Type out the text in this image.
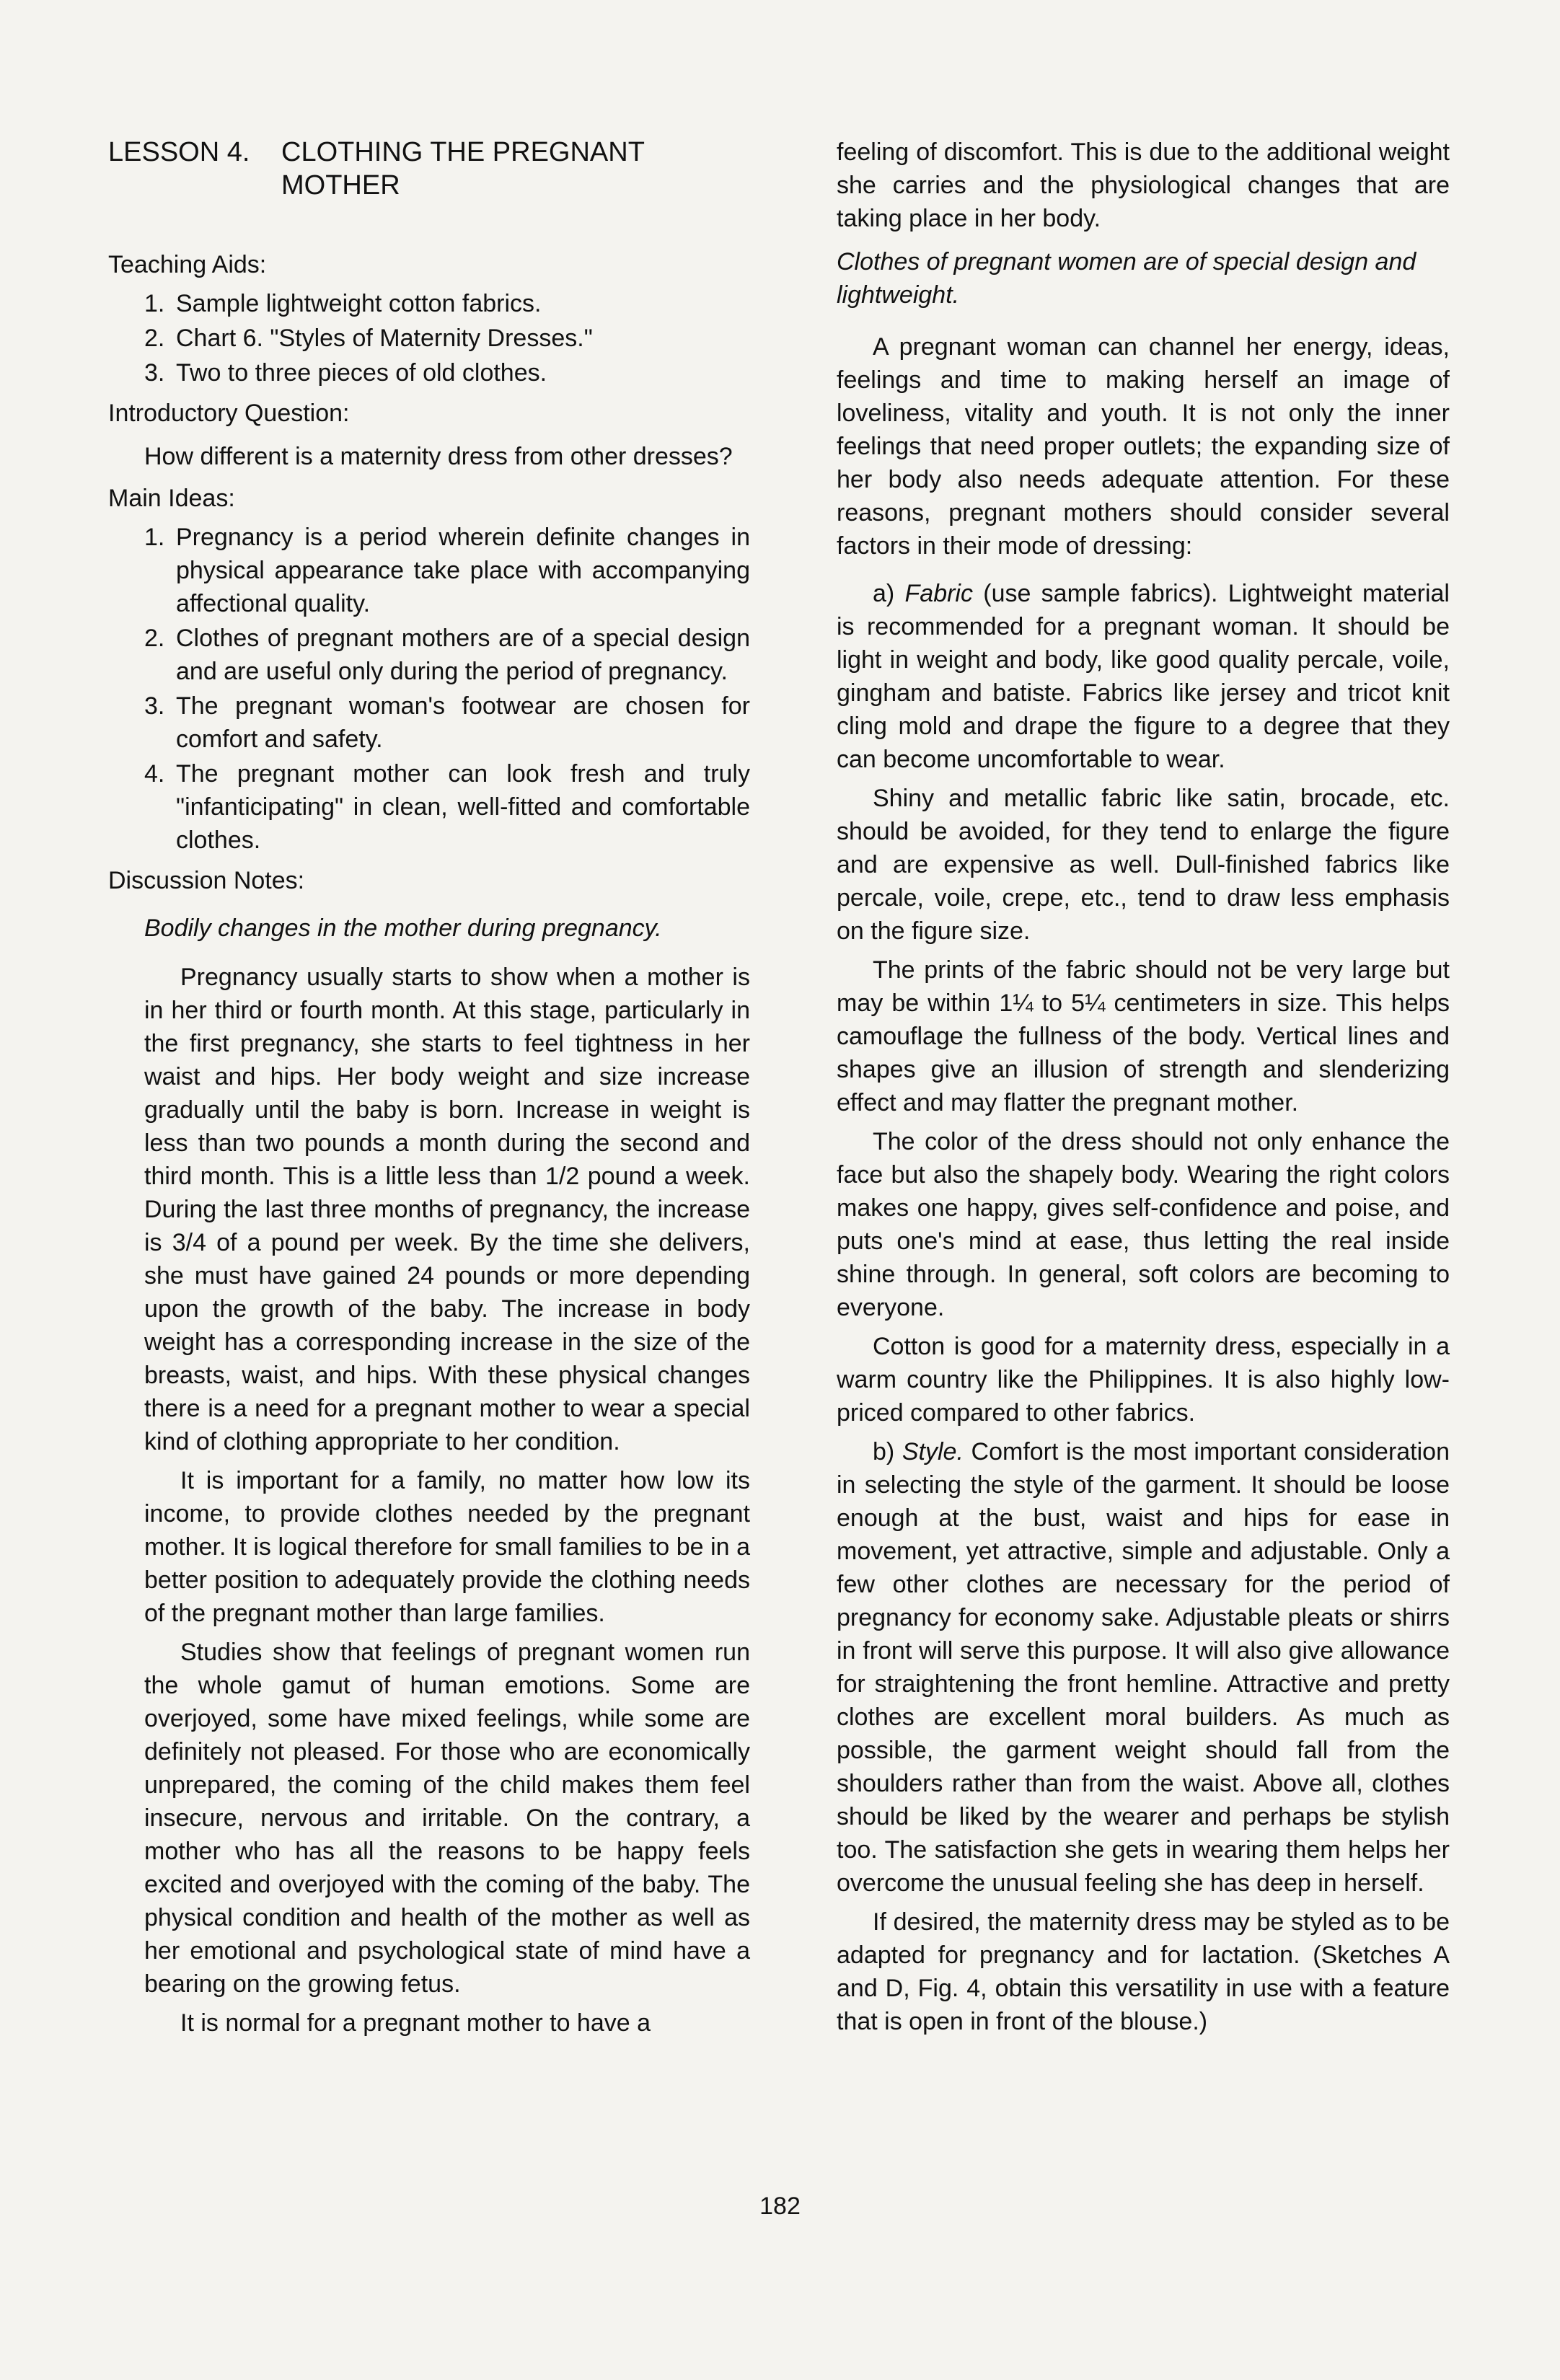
LESSON 4.	CLOTHING THE PREGNANT MOTHER
Teaching Aids:
1. Sample lightweight cotton fabrics.
2. Chart 6. "Styles of Maternity Dresses."
3. Two to three pieces of old clothes.
Introductory Question:

How different is a maternity dress from other dresses?

Main Ideas:
1. Pregnancy is a period wherein definite changes in physical appearance take place with accompanying affectional quality.
2. Clothes of pregnant mothers are of a special design and are useful only during the period of pregnancy.
3. The pregnant woman's footwear are chosen for comfort and safety.
4. The pregnant mother can look fresh and truly "infanticipating" in clean, well-fitted and comfortable clothes.
Discussion Notes:
Bodily changes in the mother during pregnancy.

Pregnancy usually starts to show when a mother is in her third or fourth month. At this stage, particularly in the first pregnancy, she starts to feel tightness in her waist and hips. Her body weight and size increase gradually until the baby is born. Increase in weight is less than two pounds a month during the second and third month. This is a little less than 1/2 pound a week. During the last three months of pregnancy, the increase is 3/4 of a pound per week. By the time she delivers, she must have gained 24 pounds or more depending upon the growth of the baby. The increase in body weight has a corresponding increase in the size of the breasts, waist, and hips. With these physical changes there is a need for a pregnant mother to wear a special kind of clothing appropriate to her condition.

It is important for a family, no matter how low its income, to provide clothes needed by the pregnant mother. It is logical therefore for small families to be in a better position to adequately provide the clothing needs of the pregnant mother than large families.

Studies show that feelings of pregnant women run the whole gamut of human emotions. Some are overjoyed, some have mixed feelings, while some are definitely not pleased. For those who are economically unprepared, the coming of the child makes them feel insecure, nervous and irritable. On the contrary, a mother who has all the reasons to be happy feels excited and overjoyed with the coming of the baby. The physical condition and health of the mother as well as her emotional and psychological state of mind have a bearing on the growing fetus.

It is normal for a pregnant mother to have a

feeling of discomfort. This is due to the additional weight she carries and the physiological changes that are taking place in her body.

Clothes of pregnant women are of special design and lightweight.

A pregnant woman can channel her energy, ideas, feelings and time to making herself an image of loveliness, vitality and youth. It is not only the inner feelings that need proper outlets; the expanding size of her body also needs adequate attention. For these reasons, pregnant mothers should consider several factors in their mode of dressing:

a) Fabric (use sample fabrics). Lightweight material is recommended for a pregnant woman. It should be light in weight and body, like good quality percale, voile, gingham and batiste. Fabrics like jersey and tricot knit cling mold and drape the figure to a degree that they can become uncomfortable to wear.

Shiny and metallic fabric like satin, brocade, etc. should be avoided, for they tend to enlarge the figure and are expensive as well. Dull-finished fabrics like percale, voile, crepe, etc., tend to draw less emphasis on the figure size.

The prints of the fabric should not be very large but may be within 1¼ to 5¼ centimeters in size. This helps camouflage the fullness of the body. Vertical lines and shapes give an illusion of strength and slenderizing effect and may flatter the pregnant mother.

The color of the dress should not only enhance the face but also the shapely body. Wearing the right colors makes one happy, gives self-confidence and poise, and puts one's mind at ease, thus letting the real inside shine through. In general, soft colors are becoming to everyone.

Cotton is good for a maternity dress, especially in a warm country like the Philippines. It is also highly low-priced compared to other fabrics.

b) Style. Comfort is the most important consideration in selecting the style of the garment. It should be loose enough at the bust, waist and hips for ease in movement, yet attractive, simple and adjustable. Only a few other clothes are necessary for the period of pregnancy for economy sake. Adjustable pleats or shirrs in front will serve this purpose. It will also give allowance for straightening the front hemline. Attractive and pretty clothes are excellent moral builders. As much as possible, the garment weight should fall from the shoulders rather than from the waist. Above all, clothes should be liked by the wearer and perhaps be stylish too. The satisfaction she gets in wearing them helps her overcome the unusual feeling she has deep in herself.

If desired, the maternity dress may be styled as to be adapted for pregnancy and for lactation. (Sketches A and D, Fig. 4, obtain this versatility in use with a feature that is open in front of the blouse.)

182
